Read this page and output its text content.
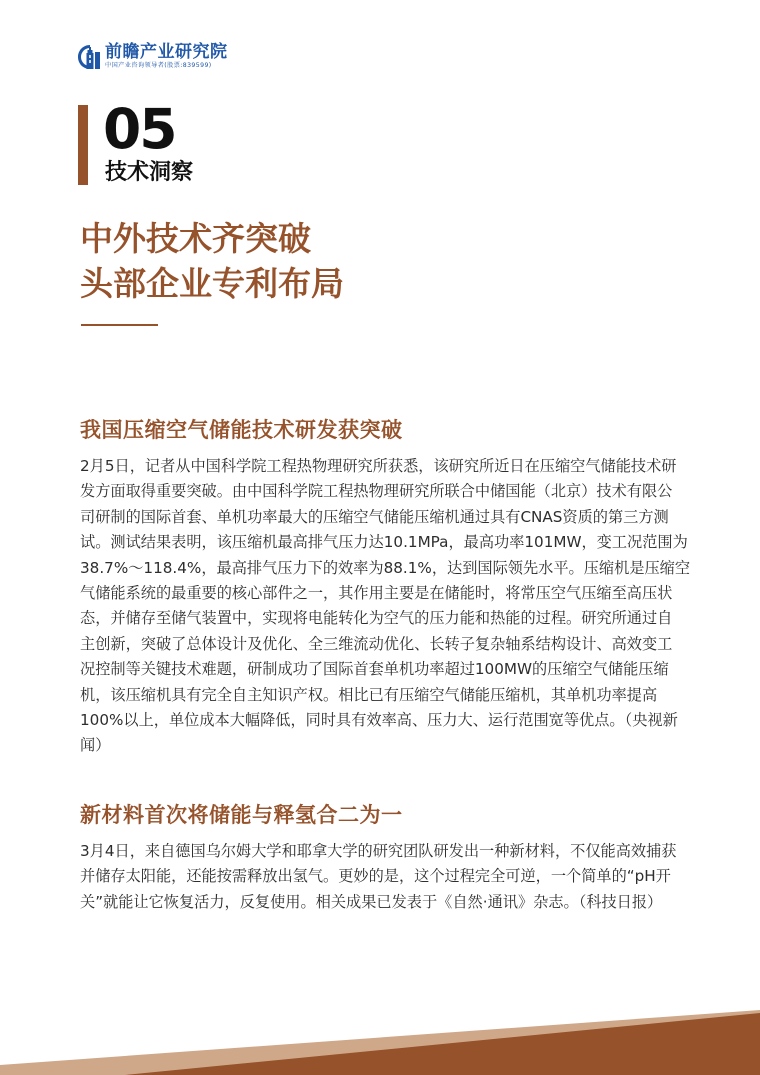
前瞻产业研究院
中国产业咨询领导者(股票:839599)
05
技术洞察
中外技术齐突破
头部企业专利布局
我国压缩空气储能技术研发获突破
2月5日，记者从中国科学院工程热物理研究所获悉，该研究所近日在压缩空气储能技术研
发方面取得重要突破。由中国科学院工程热物理研究所联合中储国能（北京）技术有限公
司研制的国际首套、单机功率最大的压缩空气储能压缩机通过具有CNAS资质的第三方测
试。测试结果表明，该压缩机最高排气压力达10.1MPa，最高功率101MW，变工况范围为
38.7%～118.4%，最高排气压力下的效率为88.1%，达到国际领先水平。压缩机是压缩空
气储能系统的最重要的核心部件之一，其作用主要是在储能时，将常压空气压缩至高压状
态，并储存至储气装置中，实现将电能转化为空气的压力能和热能的过程。研究所通过自
主创新，突破了总体设计及优化、全三维流动优化、长转子复杂轴系结构设计、高效变工
况控制等关键技术难题，研制成功了国际首套单机功率超过100MW的压缩空气储能压缩
机，该压缩机具有完全自主知识产权。相比已有压缩空气储能压缩机，其单机功率提高
100%以上，单位成本大幅降低，同时具有效率高、压力大、运行范围宽等优点。（央视新
闻）
新材料首次将储能与释氢合二为一
3月4日，来自德国乌尔姆大学和耶拿大学的研究团队研发出一种新材料，不仅能高效捕获
并储存太阳能，还能按需释放出氢气。更妙的是，这个过程完全可逆，一个简单的“pH开
关”就能让它恢复活力，反复使用。相关成果已发表于《自然·通讯》杂志。（科技日报）
